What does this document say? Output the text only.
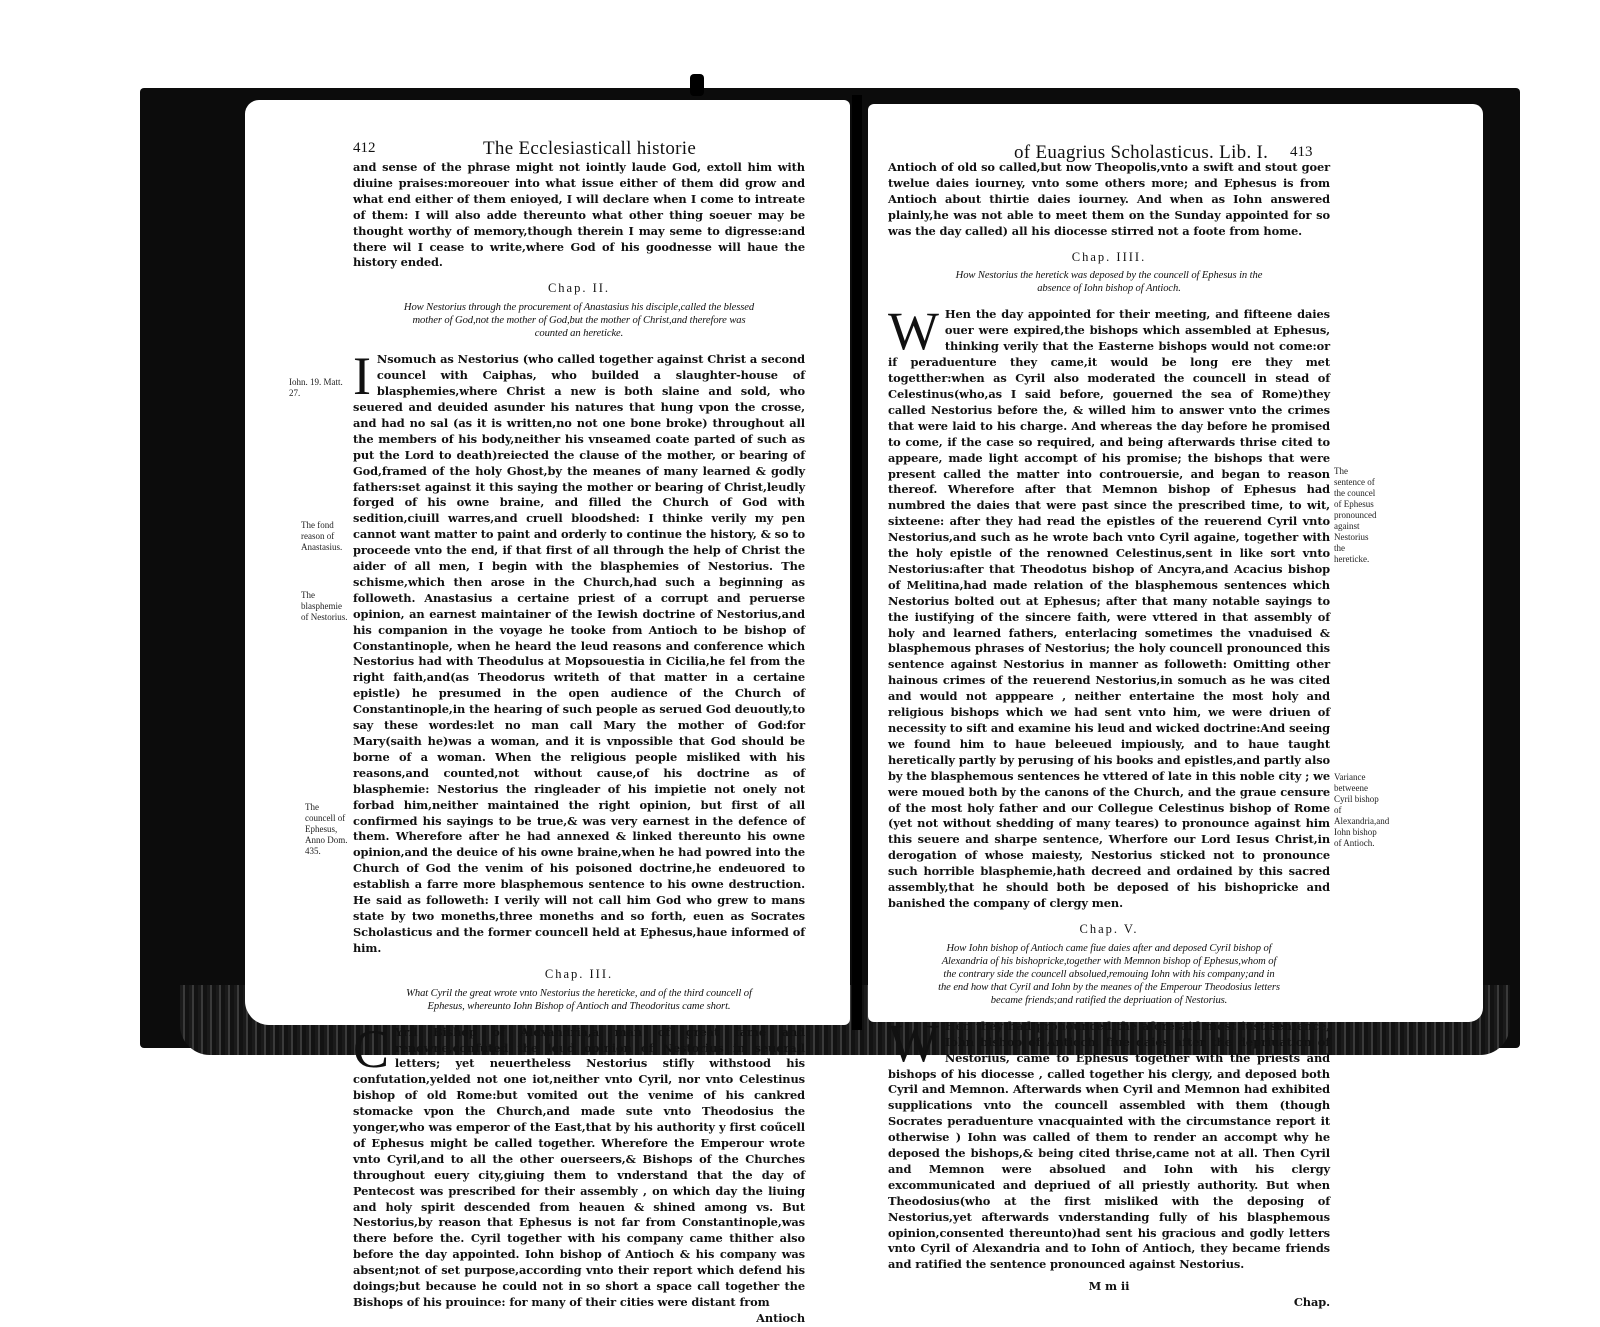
412	The Ecclesiasticall historie

and sense of the phrase might not iointly laude God, extoll him with diuine praises:moreouer into what issue either of them did grow and what end either of them enioyed, I will declare when I come to intreate of them: I will also adde thereunto what other thing soeuer may be thought worthy of memory,though therein I may seme to digresse:and there wil I cease to write,where God of his goodnesse will haue the history ended.

Chap. II.
How Nestorius through the procurement of Anastasius his disciple,called the blessed mother of God,not the mother of God,but the mother of Christ,and therefore was counted an hereticke.

I Nsomuch as Nestorius (who called together against Christ a second councel with Caiphas, who builded a slaughter-house of blasphemies,where Christ a new is both slaine and sold, who seuered and deuided asunder his natures that hung vpon the crosse, and had no sal (as it is written,no not one bone broke) throughout all the members of his body,neither his vnseamed coate parted of such as put the Lord to death)reiected the clause of the mother, or bearing of God,framed of the holy Ghost,by the meanes of many learned & godly fathers:set against it this saying the mother or bearing of Christ,leudly forged of his owne braine, and filled the Church of God with sedition,ciuill warres,and cruell bloodshed: I thinke verily my pen cannot want matter to paint and orderly to continue the history, & so to proceede vnto the end, if that first of all through the help of Christ the aider of all men, I begin with the blasphemies of Nestorius. The schisme,which then arose in the Church,had such a beginning as followeth. Anastasius a certaine priest of a corrupt and peruerse opinion, an earnest maintainer of the Iewish doctrine of Nestorius,and his companion in the voyage he tooke from Antioch to be bishop of Constantinople, when he heard the leud reasons and conference which Nestorius had with Theodulus at Mopsouestia in Cicilia,he fel from the right faith,and(as Theodorus writeth of that matter in a certaine epistle) he presumed in the open audience of the Church of Constantinople,in the hearing of such people as serued God deuoutly,to say these wordes:let no man call Mary the mother of God:for Mary(saith he)was a woman, and it is vnpossible that God should be borne of a woman. When the religious people misliked with his reasons,and counted,not without cause,of his doctrine as of blasphemie: Nestorius the ringleader of his impietie not onely not forbad him,neither maintained the right opinion, but first of all confirmed his sayings to be true,& was very earnest in the defence of them. Wherefore after he had annexed & linked thereunto his owne opinion,and the deuice of his owne braine,when he had powred into the Church of God the venim of his poisoned doctrine,he endeuored to establish a farre more blasphemous sentence to his owne destruction. He said as followeth: I verily will not call him God who grew to mans state by two moneths,three moneths and so forth, euen as Socrates Scholasticus and the former councell held at Ephesus,haue informed of him.

Chap. III.
What Cyril the great wrote vnto Nestorius the hereticke, and of the third councell of Ephesus, whereunto Iohn Bishop of Antioch and Theodoritus came short.

C Yril Bishop of Alexandria,a man of great fame and renowne,confuted the leud opinion of Nestorius in seuerall letters; yet neuertheless Nestorius stifly withstood his confutation,yelded not one iot,neither vnto Cyril, nor vnto Celestinus bishop of old Rome:but vomited out the venime of his cankred stomacke vpon the Church,and made sute vnto Theodosius the yonger,who was emperor of the East,that by his authority y first coűcell of Ephesus might be called together. Wherefore the Emperour wrote vnto Cyril,and to all the other ouerseers,& Bishops of the Churches throughout euery city,giuing them to vnderstand that the day of Pentecost was prescribed for their assembly , on which day the liuing and holy spirit descended from heauen & shined among vs. But Nestorius,by reason that Ephesus is not far from Constantinople,was there before the. Cyril together with his company came thither also before the day appointed. Iohn bishop of Antioch & his company was absent;not of set purpose,according vnto their report which defend his doings;but because he could not in so short a space call together the Bishops of his prouince: for many of their cities were distant from

Antioch
Iohn. 19. Matt. 27.
The fond reason of Anastasius.
The blasphemie of Nestorius.
The councell of Ephesus, Anno Dom. 435.
of Euagrius Scholasticus. Lib. I. 413

Antioch of old so called,but now Theopolis,vnto a swift and stout goer twelue daies iourney, vnto some others more; and Ephesus is from Antioch about thirtie daies iourney. And when as Iohn answered plainly,he was not able to meet them on the Sunday appointed for so was the day called) all his diocesse stirred not a foote from home.

Chap. IIII.
How Nestorius the heretick was deposed by the councell of Ephesus in the absence of Iohn bishop of Antioch.

W Hen the day appointed for their meeting, and fifteene daies ouer were expired,the bishops which assembled at Ephesus, thinking verily that the Easterne bishops would not come:or if peraduenture they came,it would be long ere they met togetther:when as Cyril also moderated the councell in stead of Celestinus(who,as I said before, gouerned the sea of Rome)they called Nestorius before the, & willed him to answer vnto the crimes that were laid to his charge. And whereas the day before he promised to come, if the case so required, and being afterwards thrise cited to appeare, made light accompt of his promise; the bishops that were present called the matter into controuersie, and began to reason thereof. Wherefore after that Memnon bishop of Ephesus had numbred the daies that were past since the prescribed time, to wit, sixteene: after they had read the epistles of the reuerend Cyril vnto Nestorius,and such as he wrote bach vnto Cyril againe, together with the holy epistle of the renowned Celestinus,sent in like sort vnto Nestorius:after that Theodotus bishop of Ancyra,and Acacius bishop of Melitina,had made relation of the blasphemous sentences which Nestorius bolted out at Ephesus; after that many notable sayings to the iustifying of the sincere faith, were vttered in that assembly of holy and learned fathers, enterlacing sometimes the vnaduised & blasphemous phrases of Nestorius; the holy councell pronounced this sentence against Nestorius in manner as followeth: Omitting other hainous crimes of the reuerend Nestorius,in somuch as he was cited and would not apppeare , neither entertaine the most holy and religious bishops which we had sent vnto him, we were driuen of necessity to sift and examine his leud and wicked doctrine:And seeing we found him to haue beleeued impiously, and to haue taught heretically partly by perusing of his books and epistles,and partly also by the blasphemous sentences he vttered of late in this noble city ; we were moued both by the canons of the Church, and the graue censure of the most holy father and our Collegue Celestinus bishop of Rome (yet not without shedding of many teares) to pronounce against him this seuere and sharpe sentence, Wherfore our Lord Iesus Christ,in derogation of whose maiesty, Nestorius sticked not to pronounce such horrible blasphemie,hath decreed and ordained by this sacred assembly,that he should both be deposed of his bishopricke and banished the company of clergy men.

Chap. V.
How Iohn bishop of Antioch came fiue daies after and deposed Cyril bishop of Alexandria of his bishopricke,together with Memnon bishop of Ephesus,whom of the contrary side the councell absolued,remouing Iohn with his company;and in the end how that Cyril and Iohn by the meanes of the Emperour Theodosius letters became friends;and ratified the depriuation of Nestorius.

W Hen they had pronounced the aforesaid most iust sentence, Iohn bishop of Antioch, fiue daies after the depriuation of Nestorius, came to Ephesus together with the priests and bishops of his diocesse , called together his clergy, and deposed both Cyril and Memnon. Afterwards when Cyril and Memnon had exhibited supplications vnto the councell assembled with them (though Socrates peraduenture vnacquainted with the circumstance report it otherwise ) Iohn was called of them to render an accompt why he deposed the bishops,& being cited thrise,came not at all. Then Cyril and Memnon were absolued and Iohn with his clergy excommunicated and depriued of all priestly authority. But when Theodosius(who at the first misliked with the deposing of Nestorius,yet afterwards vnderstanding fully of his blasphemous opinion,consented thereunto)had sent his gracious and godly letters vnto Cyril of Alexandria and to Iohn of Antioch, they became friends and ratified the sentence pronounced against Nestorius.

M m ii
Chap.
The sentence of the councel of Ephesus pronounced against Nestorius the hereticke.
Variance betweene Cyril bishop of Alexandria,and Iohn bishop of Antioch.
